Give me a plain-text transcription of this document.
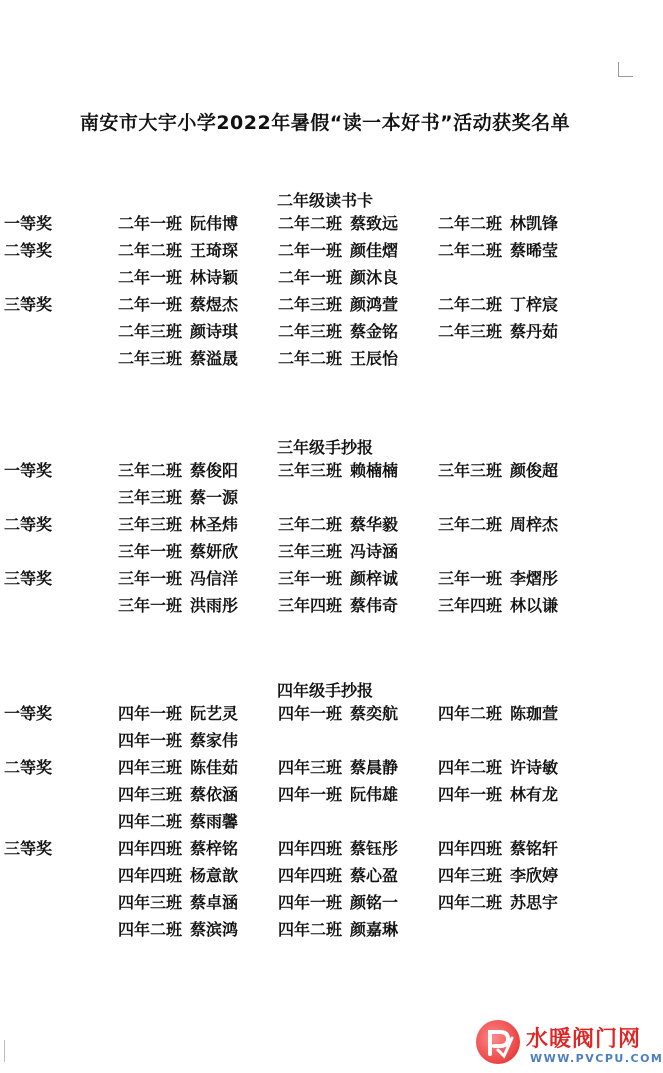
南安市大宇小学2022年暑假“读一本好书”活动获奖名单
二年级读书卡
一等奖	二年一班 阮伟博 二年二班 蔡致远 二年二班 林凯锋
二等奖	二年二班 王琦琛 二年一班 颜佳熠 二年二班 蔡晞莹
二年一班 林诗颖 二年一班 颜沐良
三等奖	二年一班 蔡煜杰 二年三班 颜鸿萱 二年二班 丁梓宸
二年三班 颜诗琪 二年三班 蔡金铭 二年三班 蔡丹茹
二年三班 蔡溢晟 二年二班 王辰怡
三年级手抄报
一等奖	三年二班 蔡俊阳 三年三班 赖楠楠 三年三班 颜俊超
三年三班 蔡一源
二等奖	三年三班 林圣炜 三年二班 蔡华毅 三年二班 周梓杰
三年一班 蔡妍欣 三年三班 冯诗涵
三等奖	三年一班 冯信洋 三年一班 颜梓诚 三年一班 李熠彤
三年一班 洪雨彤 三年四班 蔡伟奇 三年四班 林以谦
四年级手抄报
一等奖	四年一班 阮艺灵 四年一班 蔡奕航 四年二班 陈珈萱
四年一班 蔡家伟
二等奖	四年三班 陈佳茹 四年三班 蔡晨静 四年二班 许诗敏
四年三班 蔡依涵 四年一班 阮伟雄 四年一班 林有龙
四年二班 蔡雨馨
三等奖	四年四班 蔡梓铭 四年四班 蔡钰彤 四年四班 蔡铭轩
四年四班 杨意歆 四年四班 蔡心盈 四年三班 李欣婷
四年三班 蔡卓涵 四年一班 颜铭一 四年二班 苏思宇
四年二班 蔡滨鸿 四年二班 颜嘉琳
水暖阀门网
WWW.PVCPU.COM
